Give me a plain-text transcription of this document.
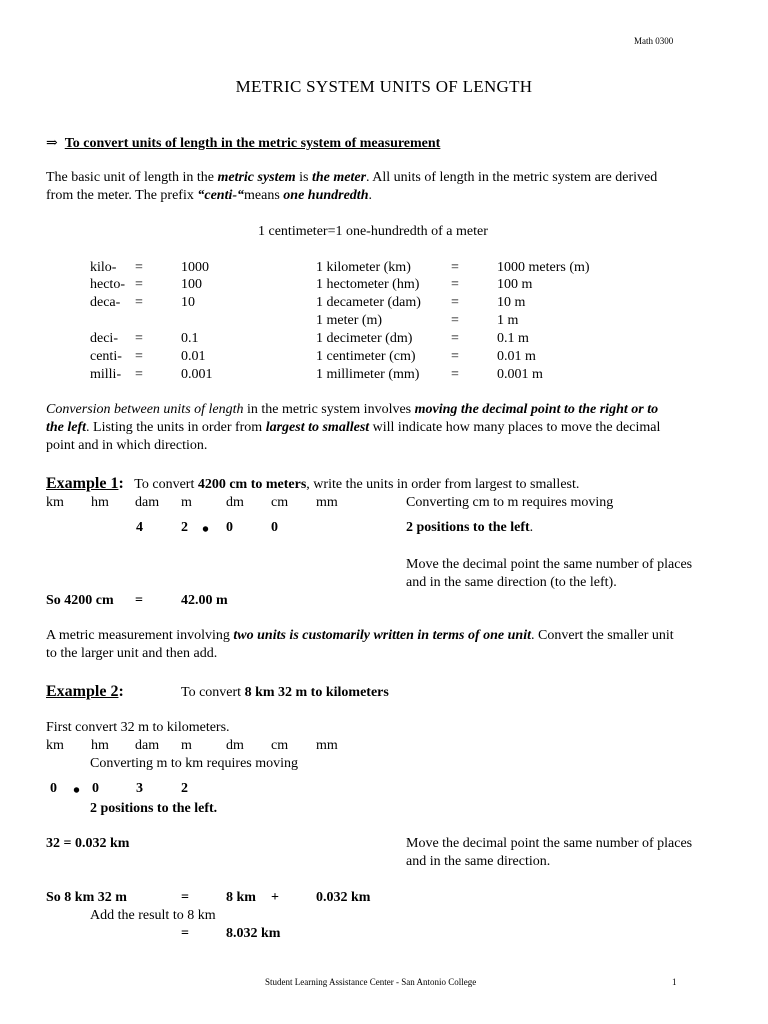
Math 0300
METRIC SYSTEM UNITS OF LENGTH
⇒ To convert units of length in the metric system of measurement
The basic unit of length in the metric system is the meter. All units of length in the metric system are derived
from the meter. The prefix “centi-“means one hundredth.
1 centimeter=1 one-hundredth of a meter
kilo- =	1000	1 kilometer (km)	=	1000 meters (m)
hecto- =	100	1 hectometer (hm) =	100 m
deca- =	10	1 decameter (dam) =	10 m
1 meter (m)	=	1 m
deci- =	0.1	1 decimeter (dm)	=	0.1 m
centi- =	0.01	1 centimeter (cm)	=	0.01 m
milli- =	0.001	1 millimeter (mm) =	0.001 m
Conversion between units of length in the metric system involves moving the decimal point to the right or to
the left. Listing the units in order from largest to smallest will indicate how many places to move the decimal
point and in which direction.
Example 1: To convert 4200 cm to meters, write the units in order from largest to smallest.
km hm dam m dm cm mm	Converting cm to m requires moving
4	2 • 0	0	2 positions to the left.
Move the decimal point the same number of places
and in the same direction (to the left).
So 4200 cm =	42.00 m
A metric measurement involving two units is customarily written in terms of one unit. Convert the smaller unit
to the larger unit and then add.
Example 2:	To convert 8 km 32 m to kilometers
First convert 32 m to kilometers.
km hm dam m dm cm mm
Converting m to km requires moving
0 • 0	3	2
2 positions to the left.
32 = 0.032 km	Move the decimal point the same number of places
and in the same direction.
So 8 km 32 m	=	8 km +	0.032 km
Add the result to 8 km
=	8.032 km
Student Learning Assistance Center - San Antonio College	1
